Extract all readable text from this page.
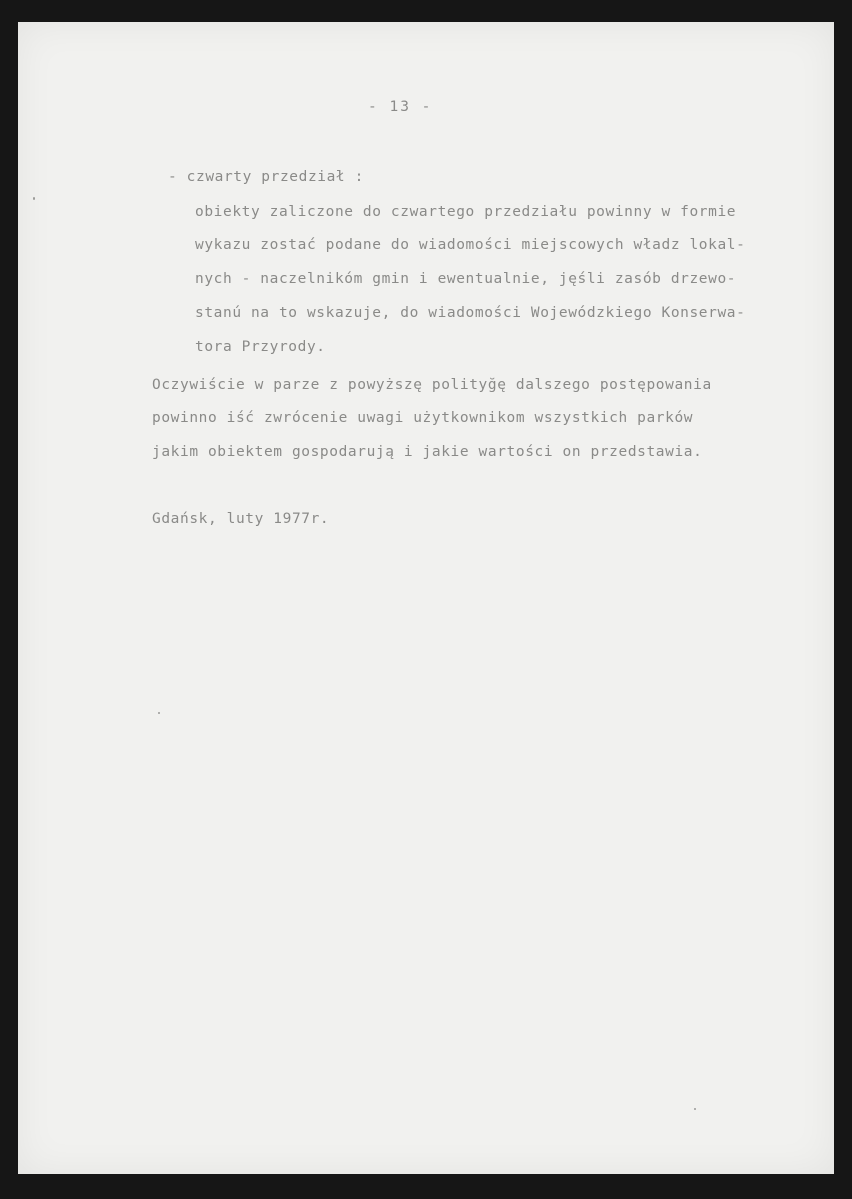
- 13 -

- czwarty przedział :

obiekty zaliczone do czwartego przedziału powinny w formie

wykazu zostać podane do wiadomości miejscowych władz lokal-

nych - naczelnikóm gmin i ewentualnie, jęśli zasób drzewo-

stanú na to wskazuje, do wiadomości Wojewódzkiego Konserwa-

tora Przyrody.

Oczywiście w parze z powyższę polityğę dalszego postępowania

powinno iść zwrócenie uwagi użytkownikom wszystkich parków

jakim obiektem gospodarują i jakie wartości on przedstawia.

Gdańsk, luty 1977r.
